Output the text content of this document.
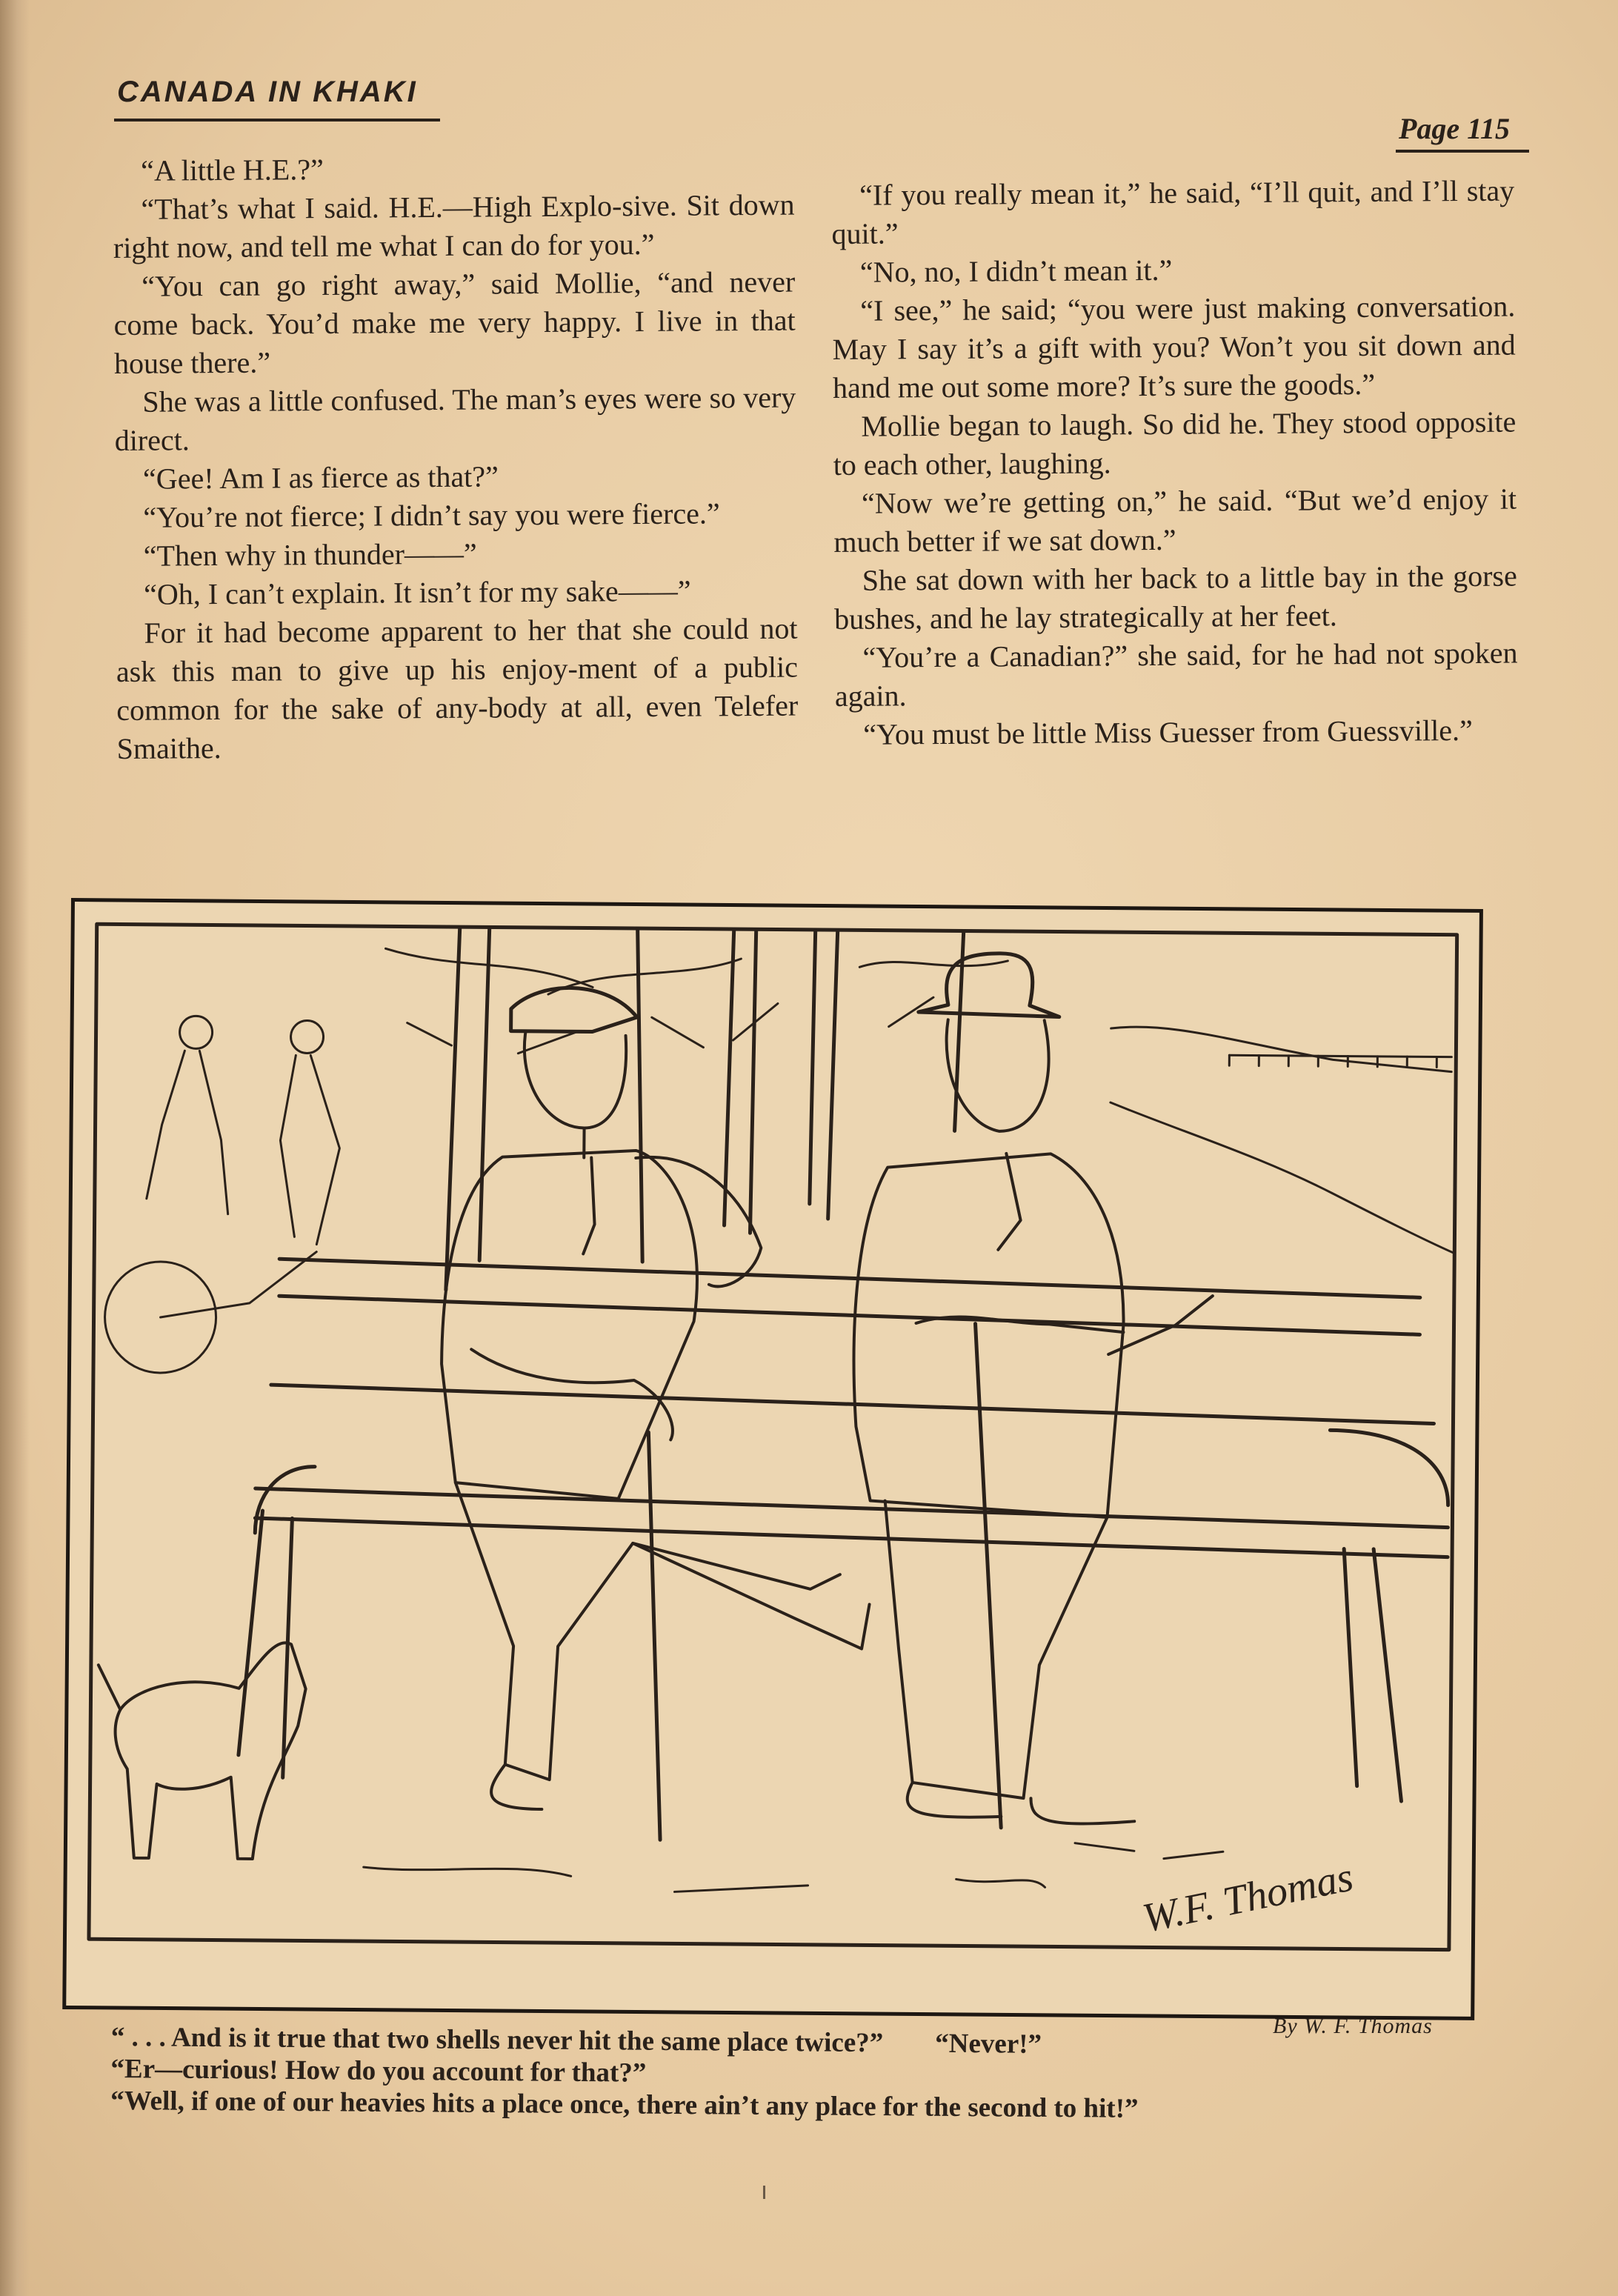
CANADA IN KHAKI
Page 115

“A little H.E.?”

“That’s what I said. H.E.—High Explo-sive. Sit down right now, and tell me what I can do for you.”

“You can go right away,” said Mollie, “and never come back. You’d make me very happy. I live in that house there.”

She was a little confused. The man’s eyes were so very direct.

“Gee! Am I as fierce as that?”

“You’re not fierce; I didn’t say you were fierce.”

“Then why in thunder——”

“Oh, I can’t explain. It isn’t for my sake——”

For it had become apparent to her that she could not ask this man to give up his enjoy-ment of a public common for the sake of any-body at all, even Telefer Smaithe.

“If you really mean it,” he said, “I’ll quit, and I’ll stay quit.”

“No, no, I didn’t mean it.”

“I see,” he said; “you were just making conversation. May I say it’s a gift with you? Won’t you sit down and hand me out some more? It’s sure the goods.”

Mollie began to laugh. So did he. They stood opposite to each other, laughing.

“Now we’re getting on,” he said. “But we’d enjoy it much better if we sat down.”

She sat down with her back to a little bay in the gorse bushes, and he lay strategically at her feet.

“You’re a Canadian?” she said, for he had not spoken again.

“You must be little Miss Guesser from Guessville.”

W.F. Thomas
By W. F. Thomas
“ . . . And is it true that two shells never hit the same place twice?” “Never!”
“Er—curious! How do you account for that?”
“Well, if one of our heavies hits a place once, there ain’t any place for the second to hit!”
